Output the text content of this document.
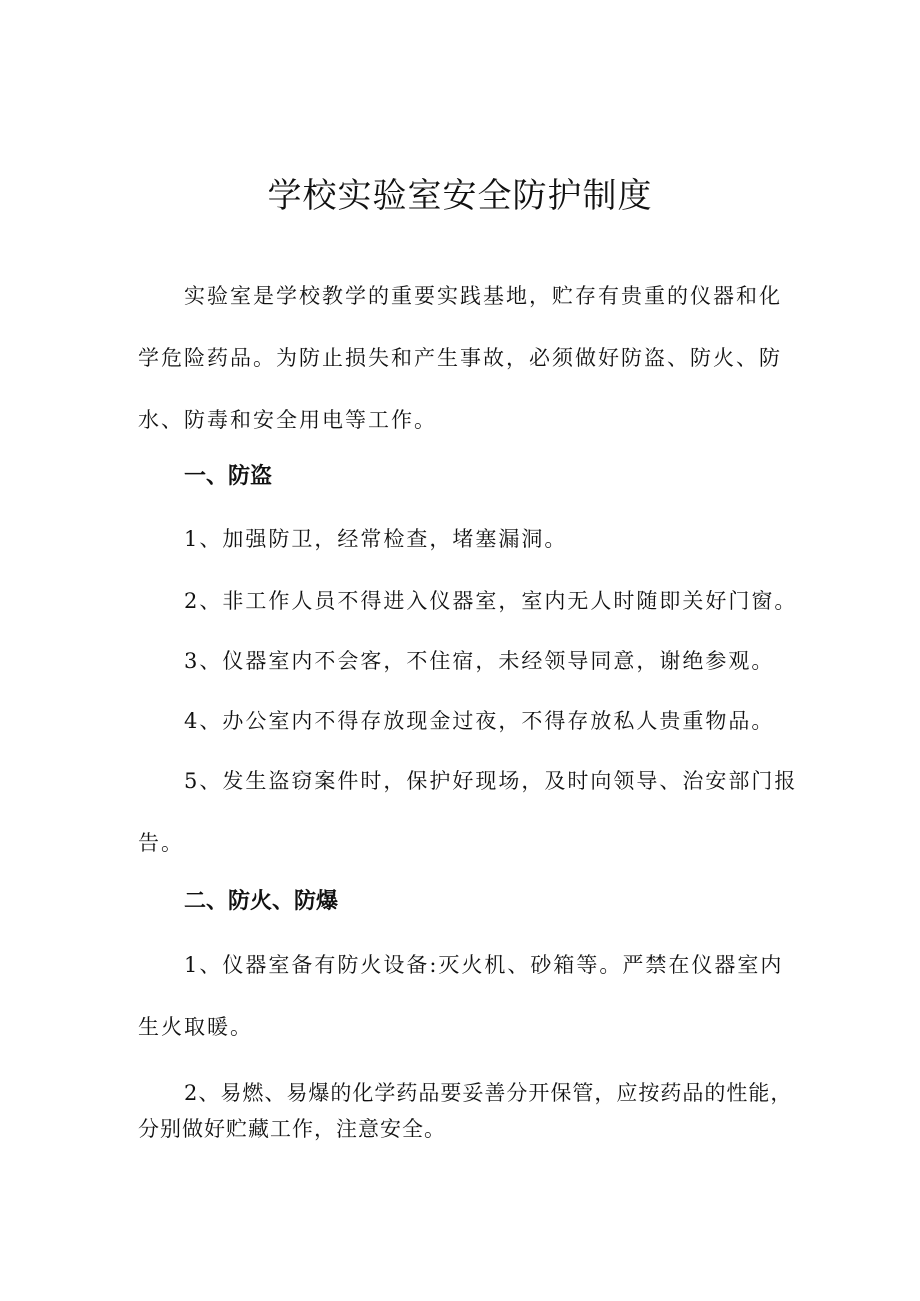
学校实验室安全防护制度
实验室是学校教学的重要实践基地，贮存有贵重的仪器和化学危险药品。为防止损失和产生事故，必须做好防盗、防火、防水、防毒和安全用电等工作。
一、防盗
1、加强防卫，经常检查，堵塞漏洞。
2、非工作人员不得进入仪器室，室内无人时随即关好门窗。
3、仪器室内不会客，不住宿，未经领导同意，谢绝参观。
4、办公室内不得存放现金过夜，不得存放私人贵重物品。
5、发生盗窃案件时，保护好现场，及时向领导、治安部门报告。
二、防火、防爆
1、仪器室备有防火设备:灭火机、砂箱等。严禁在仪器室内生火取暖。
2、易燃、易爆的化学药品要妥善分开保管，应按药品的性能，分别做好贮藏工作，注意安全。
